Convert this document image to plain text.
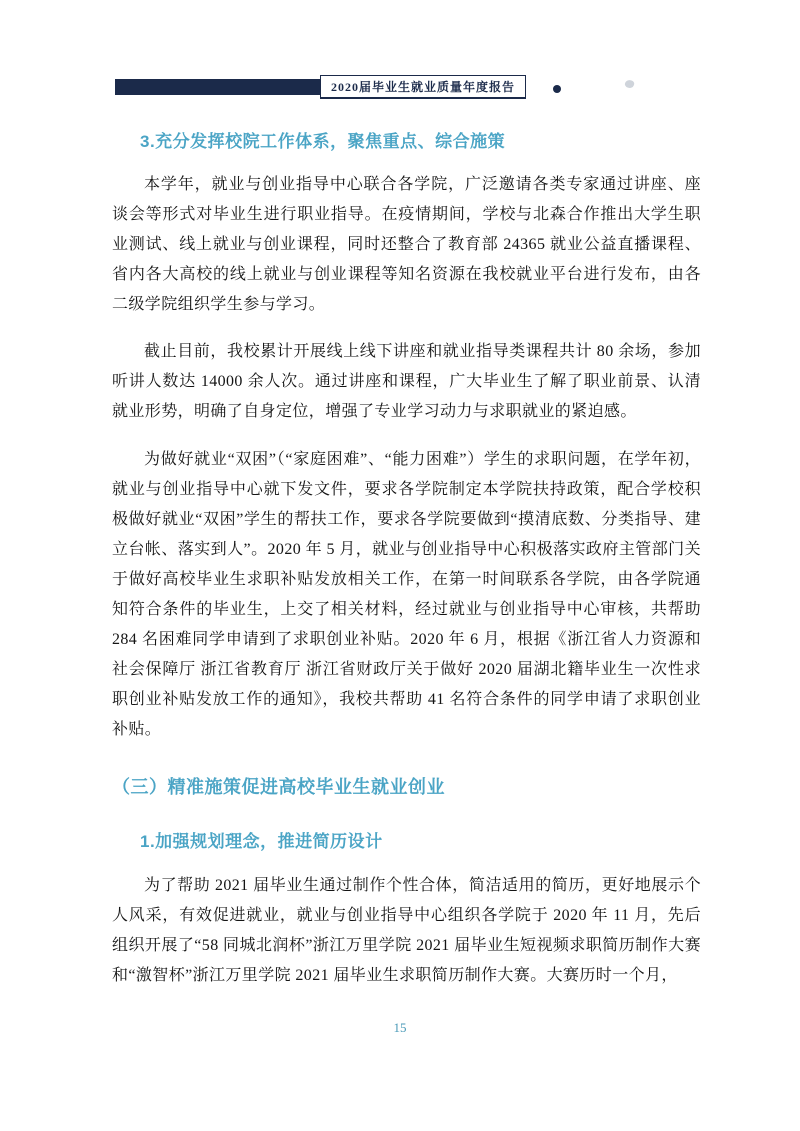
2020届毕业生就业质量年度报告
3.充分发挥校院工作体系，聚焦重点、综合施策

本学年，就业与创业指导中心联合各学院，广泛邀请各类专家通过讲座、座谈会等形式对毕业生进行职业指导。在疫情期间，学校与北森合作推出大学生职业测试、线上就业与创业课程，同时还整合了教育部 24365 就业公益直播课程、省内各大高校的线上就业与创业课程等知名资源在我校就业平台进行发布，由各二级学院组织学生参与学习。

截止目前，我校累计开展线上线下讲座和就业指导类课程共计 80 余场，参加听讲人数达 14000 余人次。通过讲座和课程，广大毕业生了解了职业前景、认清就业形势，明确了自身定位，增强了专业学习动力与求职就业的紧迫感。

为做好就业“双困”（“家庭困难”、“能力困难”）学生的求职问题，在学年初，就业与创业指导中心就下发文件，要求各学院制定本学院扶持政策，配合学校积极做好就业“双困”学生的帮扶工作，要求各学院要做到“摸清底数、分类指导、建立台帐、落实到人”。2020 年 5 月，就业与创业指导中心积极落实政府主管部门关于做好高校毕业生求职补贴发放相关工作，在第一时间联系各学院，由各学院通知符合条件的毕业生，上交了相关材料，经过就业与创业指导中心审核，共帮助 284 名困难同学申请到了求职创业补贴。2020 年 6 月，根据《浙江省人力资源和社会保障厅 浙江省教育厅 浙江省财政厅关于做好 2020 届湖北籍毕业生一次性求职创业补贴发放工作的通知》，我校共帮助 41 名符合条件的同学申请了求职创业补贴。

（三）精准施策促进高校毕业生就业创业
1.加强规划理念，推进简历设计

为了帮助 2021 届毕业生通过制作个性合体，简洁适用的简历，更好地展示个人风采，有效促进就业，就业与创业指导中心组织各学院于 2020 年 11 月，先后组织开展了“58 同城北润杯”浙江万里学院 2021 届毕业生短视频求职简历制作大赛和“激智杯”浙江万里学院 2021 届毕业生求职简历制作大赛。大赛历时一个月，

15
